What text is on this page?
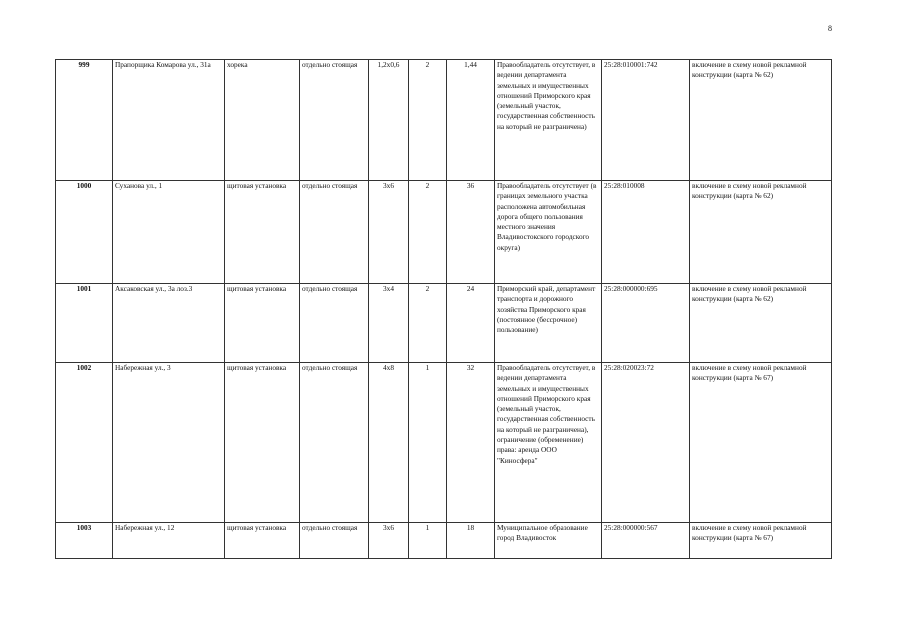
8
999	Прапорщика Комарова ул., 31а	хорека	отдельно стоящая	1,2х0,6	2	1,44	Правообладатель отсутствует, в ведении департамента земельных и имущественных отношений Приморского края (земельный участок, государственная собственность на который не разграничена)	25:28:010001:742	включение в схему новой рекламной конструкции (карта № 62)
1000	Суханова ул., 1	щитовая установка	отдельно стоящая	3х6	2	36	Правообладатель отсутствует (в границах земельного участка расположена автомобильная дорога общего пользования местного значения Владивостокского городского округа)	25:28:010008	включение в схему новой рекламной конструкции (карта № 62)
1001	Аксаковская ул., 3а лоз.3	щитовая установка	отдельно стоящая	3х4	2	24	Приморский край, департамент транспорта и дорожного хозяйства Приморского края (постоянное (бессрочное) пользование)	25:28:000000:695	включение в схему новой рекламной конструкции (карта № 62)
1002	Набережная ул., 3	щитовая установка	отдельно стоящая	4х8	1	32	Правообладатель отсутствует, в ведении департамента земельных и имущественных отношений Приморского края (земельный участок, государственная собственность на который не разграничена), ограничение (обременение) права: аренда ООО "Киносфера"	25:28:020023:72	включение в схему новой рекламной конструкции (карта № 67)
1003	Набережная ул., 12	щитовая установка	отдельно стоящая	3х6	1	18	Муниципальное образование город Владивосток	25:28:000000:567	включение в схему новой рекламной конструкции (карта № 67)
